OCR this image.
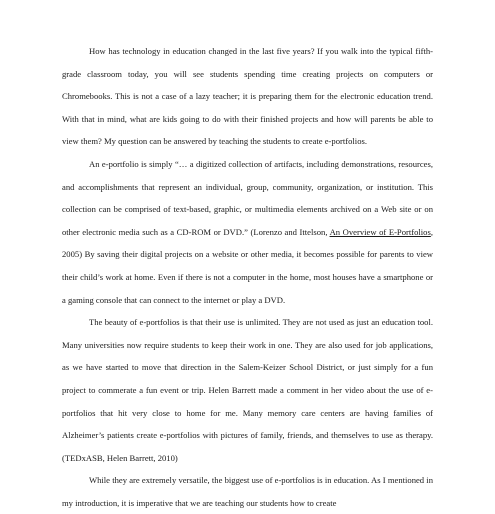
How has technology in education changed in the last five years? If you walk into the typical fifth-grade classroom today, you will see students spending time creating projects on computers or Chromebooks. This is not a case of a lazy teacher; it is preparing them for the electronic education trend. With that in mind, what are kids going to do with their finished projects and how will parents be able to view them? My question can be answered by teaching the students to create e-portfolios.

An e-portfolio is simply “… a digitized collection of artifacts, including demonstrations, resources, and accomplishments that represent an individual, group, community, organization, or institution. This collection can be comprised of text-based, graphic, or multimedia elements archived on a Web site or on other electronic media such as a CD-ROM or DVD.” (Lorenzo and Ittelson, An Overview of E-Portfolios, 2005) By saving their digital projects on a website or other media, it becomes possible for parents to view their child’s work at home. Even if there is not a computer in the home, most houses have a smartphone or a gaming console that can connect to the internet or play a DVD.

The beauty of e-portfolios is that their use is unlimited. They are not used as just an education tool. Many universities now require students to keep their work in one. They are also used for job applications, as we have started to move that direction in the Salem-Keizer School District, or just simply for a fun project to commerate a fun event or trip. Helen Barrett made a comment in her video about the use of e-portfolios that hit very close to home for me. Many memory care centers are having families of Alzheimer’s patients create e-portfolios with pictures of family, friends, and themselves to use as therapy. (TEDxASB, Helen Barrett, 2010)

While they are extremely versatile, the biggest use of e-portfolios is in education. As I mentioned in my introduction, it is imperative that we are teaching our students how to create
